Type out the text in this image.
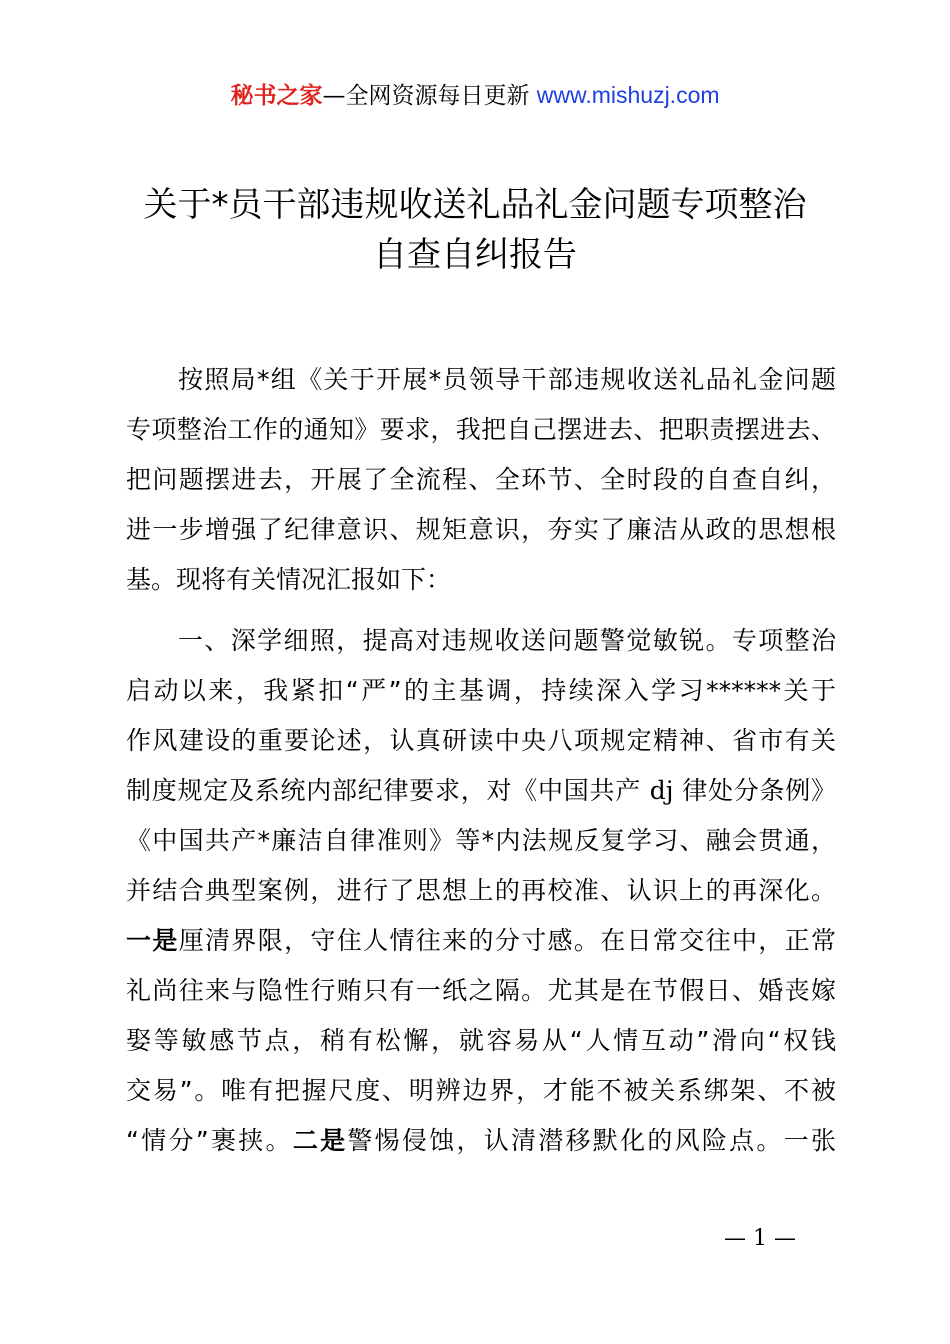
秘书之家—全网资源每日更新 www.mishuzj.com
关于*员干部违规收送礼品礼金问题专项整治
自查自纠报告
按照局*组《关于开展*员领导干部违规收送礼品礼金问题
专项整治工作的通知》要求，我把自己摆进去、把职责摆进去、
把问题摆进去，开展了全流程、全环节、全时段的自查自纠，
进一步增强了纪律意识、规矩意识，夯实了廉洁从政的思想根
基。现将有关情况汇报如下：
一、深学细照，提高对违规收送问题警觉敏锐。专项整治
启动以来，我紧扣“严”的主基调，持续深入学习******关于
作风建设的重要论述，认真研读中央八项规定精神、省市有关
制度规定及系统内部纪律要求，对《中国共产 dj 律处分条例》
《中国共产*廉洁自律准则》等*内法规反复学习、融会贯通，
并结合典型案例，进行了思想上的再校准、认识上的再深化。
一是厘清界限，守住人情往来的分寸感。在日常交往中，正常
礼尚往来与隐性行贿只有一纸之隔。尤其是在节假日、婚丧嫁
娶等敏感节点，稍有松懈，就容易从“人情互动”滑向“权钱
交易”。唯有把握尺度、明辨边界，才能不被关系绑架、不被
“情分”裹挟。二是警惕侵蚀，认清潜移默化的风险点。一张
— 1 —
